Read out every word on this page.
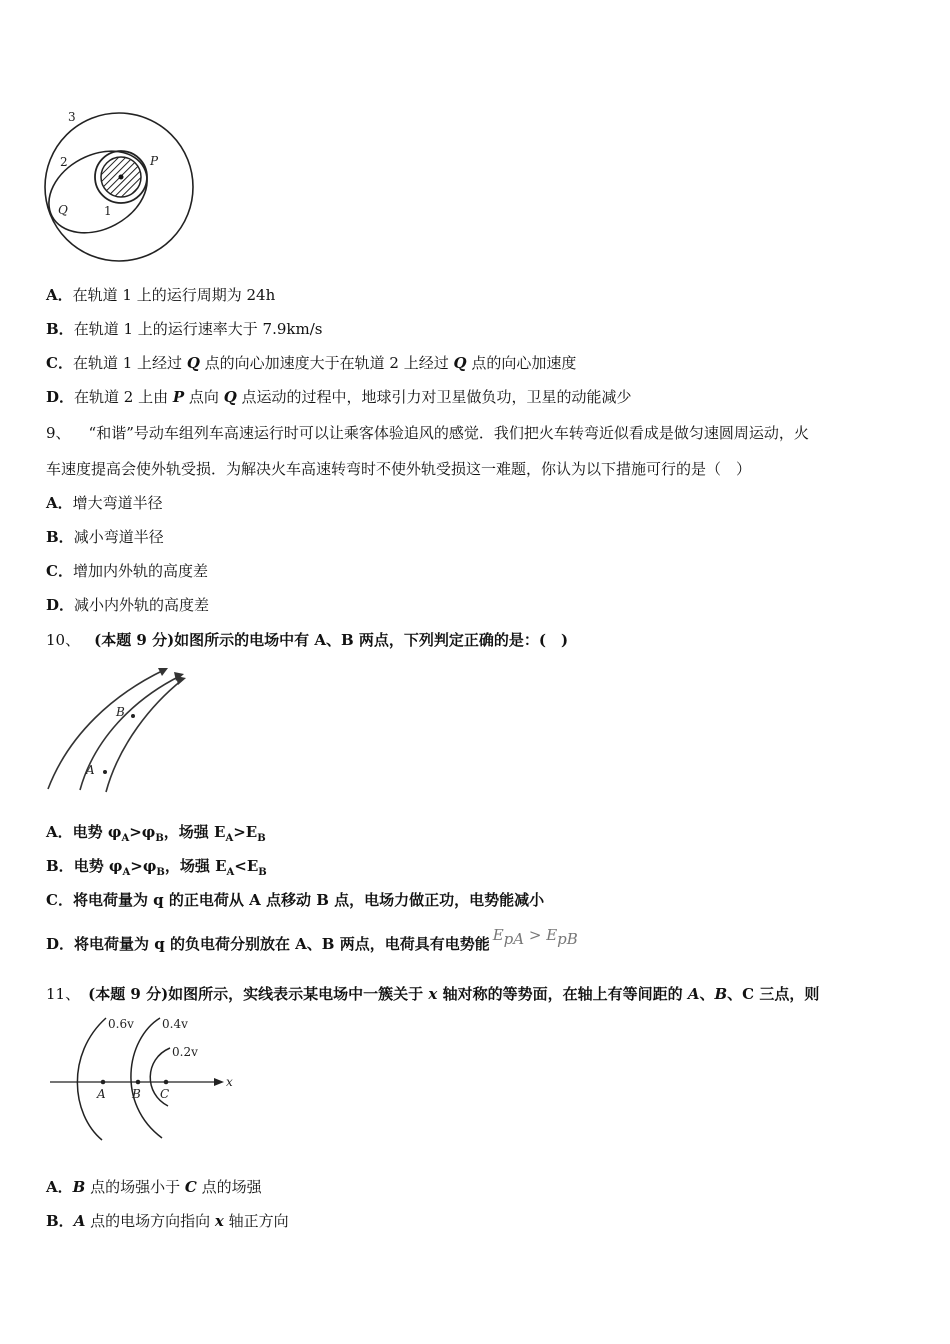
3
2
1
P
Q
A．在轨道 1 上的运行周期为 24h
B．在轨道 1 上的运行速率大于 7.9km/s
C．在轨道 1 上经过 Q 点的向心加速度大于在轨道 2 上经过 Q 点的向心加速度
D．在轨道 2 上由 P 点向 Q 点运动的过程中，地球引力对卫星做负功，卫星的动能减少
9、 “和谐”号动车组列车高速运行时可以让乘客体验追风的感觉．我们把火车转弯近似看成是做匀速圆周运动，火
车速度提高会使外轨受损．为解决火车高速转弯时不使外轨受损这一难题，你认为以下措施可行的是（　）
A．增大弯道半径
B．减小弯道半径
C．增加内外轨的高度差
D．减小内外轨的高度差
10、 (本题 9 分)如图所示的电场中有 A、B 两点，下列判定正确的是：(　)
B
A
A．电势 $\varphi_A>\varphi_B$，场强 $E_A>E_B$
B．电势 $\varphi_A>\varphi_B$，场强 $E_A<E_B$
C．将电荷量为 q 的正电荷从 A 点移动 B 点，电场力做正功，电势能减小
D．将电荷量为 q 的负电荷分别放在 A、B 两点，电荷具有电势能 $E_{pA} > E_{pB}$
11、 (本题 9 分)如图所示，实线表示某电场中一簇关于 x 轴对称的等势面，在轴上有等间距的 A、B、C 三点，则
0.6v 0.4v
0.2v
A B C
x
A．B 点的场强小于 C 点的场强
B．A 点的电场方向指向 x 轴正方向
